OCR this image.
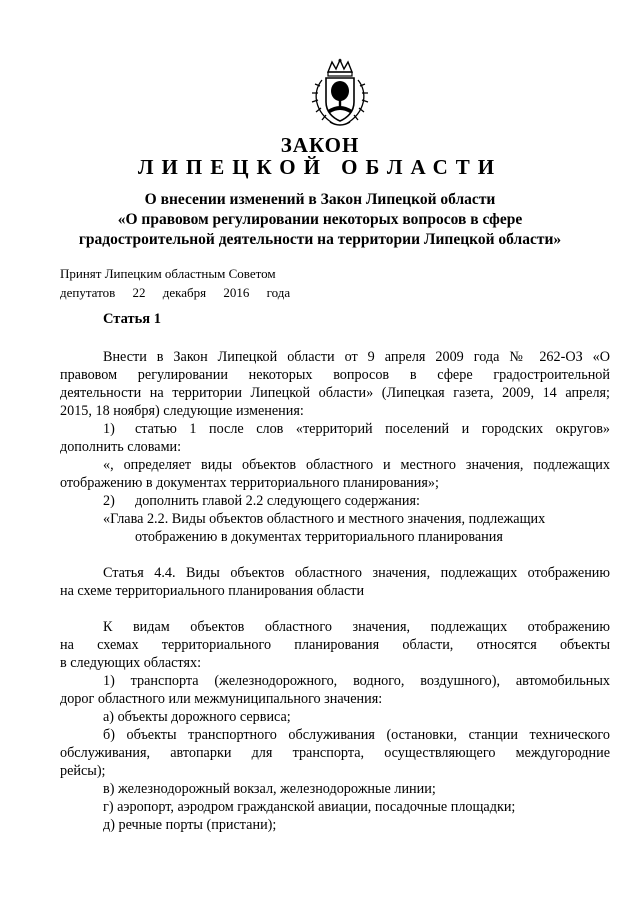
ЗАКОН
ЛИПЕЦКОЙ ОБЛАСТИ
О внесении изменений в Закон Липецкой области
«О правовом регулировании некоторых вопросов в сфере
градостроительной деятельности на территории Липецкой области»
Принят Липецким областным Советом
депутатов 22 декабря 2016 года
Статья 1
Внести в Закон Липецкой области от 9 апреля 2009 года № 262-ОЗ «О
правовом регулировании некоторых вопросов в сфере градостроительной
деятельности на территории Липецкой области» (Липецкая газета, 2009, 14 апреля;
2015, 18 ноября) следующие изменения:
1) статью 1 после слов «территорий поселений и городских округов»
дополнить словами:
«, определяет виды объектов областного и местного значения, подлежащих
отображению в документах территориального планирования»;
2) дополнить главой 2.2 следующего содержания:
«Глава 2.2. Виды объектов областного и местного значения, подлежащих
отображению в документах территориального планирования
Статья 4.4. Виды объектов областного значения, подлежащих отображению
на схеме территориального планирования области
К видам объектов областного значения, подлежащих отображению
на схемах территориального планирования области, относятся объекты
в следующих областях:
1) транспорта (железнодорожного, водного, воздушного), автомобильных
дорог областного или межмуниципального значения:
а) объекты дорожного сервиса;
б) объекты транспортного обслуживания (остановки, станции технического
обслуживания, автопарки для транспорта, осуществляющего междугородние
рейсы);
в) железнодорожный вокзал, железнодорожные линии;
г) аэропорт, аэродром гражданской авиации, посадочные площадки;
д) речные порты (пристани);
